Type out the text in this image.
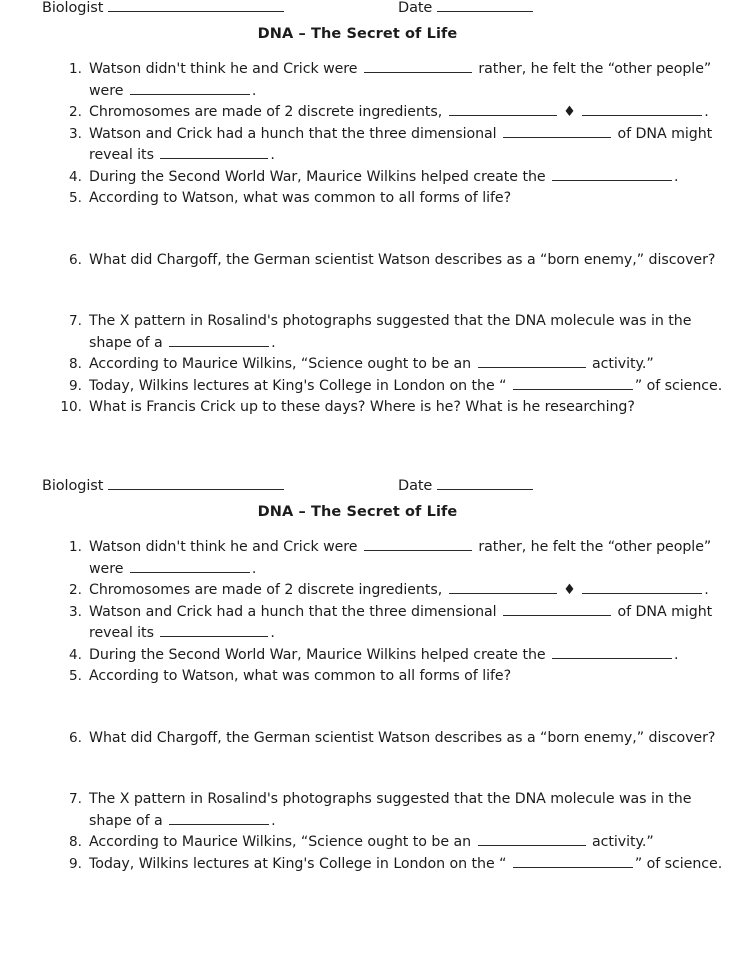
Biologist	Date
DNA – The Secret of Life
1. Watson didn't think he and Crick were	rather, he felt the “other people” were	.
2. Chromosomes are made of 2 discrete ingredients,	♦	.
3. Watson and Crick had a hunch that the three dimensional	of DNA might reveal its	.
4. During the Second World War, Maurice Wilkins helped create the	.
5. According to Watson, what was common to all forms of life?
6. What did Chargoff, the German scientist Watson describes as a “born enemy,” discover?
7. The X pattern in Rosalind's photographs suggested that the DNA molecule was in the shape of a	.
8. According to Maurice Wilkins, “Science ought to be an	activity.”
9. Today, Wilkins lectures at King's College in London on the “	” of science.
10. What is Francis Crick up to these days? Where is he? What is he researching?
Biologist	Date
DNA – The Secret of Life
1. Watson didn't think he and Crick were	rather, he felt the “other people” were	.
2. Chromosomes are made of 2 discrete ingredients,	♦	.
3. Watson and Crick had a hunch that the three dimensional	of DNA might reveal its	.
4. During the Second World War, Maurice Wilkins helped create the	.
5. According to Watson, what was common to all forms of life?
6. What did Chargoff, the German scientist Watson describes as a “born enemy,” discover?
7. The X pattern in Rosalind's photographs suggested that the DNA molecule was in the shape of a	.
8. According to Maurice Wilkins, “Science ought to be an	activity.”
9. Today, Wilkins lectures at King's College in London on the “	” of science.
